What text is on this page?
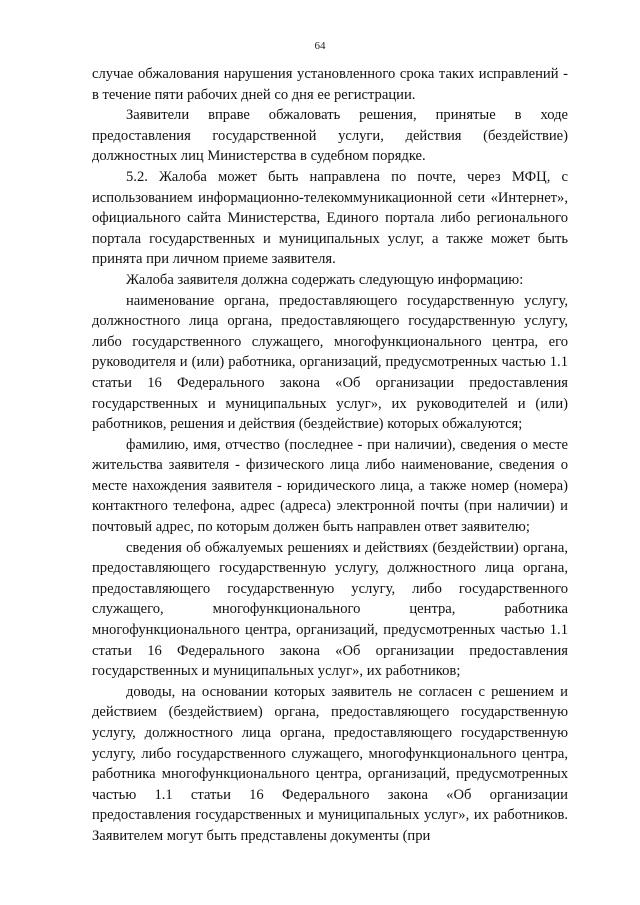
64

случае обжалования нарушения установленного срока таких исправлений - в течение пяти рабочих дней со дня ее регистрации.

Заявители вправе обжаловать решения, принятые в ходе предоставления государственной услуги, действия (бездействие) должностных лиц Министерства в судебном порядке.

5.2. Жалоба может быть направлена по почте, через МФЦ, с использованием информационно-телекоммуникационной сети «Интернет», официального сайта Министерства, Единого портала либо регионального портала государственных и муниципальных услуг, а также может быть принята при личном приеме заявителя.

Жалоба заявителя должна содержать следующую информацию:

наименование органа, предоставляющего государственную услугу, должностного лица органа, предоставляющего государственную услугу, либо государственного служащего, многофункционального центра, его руководителя и (или) работника, организаций, предусмотренных частью 1.1 статьи 16 Федерального закона «Об организации предоставления государственных и муниципальных услуг», их руководителей и (или) работников, решения и действия (бездействие) которых обжалуются;

фамилию, имя, отчество (последнее - при наличии), сведения о месте жительства заявителя - физического лица либо наименование, сведения о месте нахождения заявителя - юридического лица, а также номер (номера) контактного телефона, адрес (адреса) электронной почты (при наличии) и почтовый адрес, по которым должен быть направлен ответ заявителю;

сведения об обжалуемых решениях и действиях (бездействии) органа, предоставляющего государственную услугу, должностного лица органа, предоставляющего государственную услугу, либо государственного служащего, многофункционального центра, работника многофункционального центра, организаций, предусмотренных частью 1.1 статьи 16 Федерального закона «Об организации предоставления государственных и муниципальных услуг», их работников;

доводы, на основании которых заявитель не согласен с решением и действием (бездействием) органа, предоставляющего государственную услугу, должностного лица органа, предоставляющего государственную услугу, либо государственного служащего, многофункционального центра, работника многофункционального центра, организаций, предусмотренных частью 1.1 статьи 16 Федерального закона «Об организации предоставления государственных и муниципальных услуг», их работников. Заявителем могут быть представлены документы (при
